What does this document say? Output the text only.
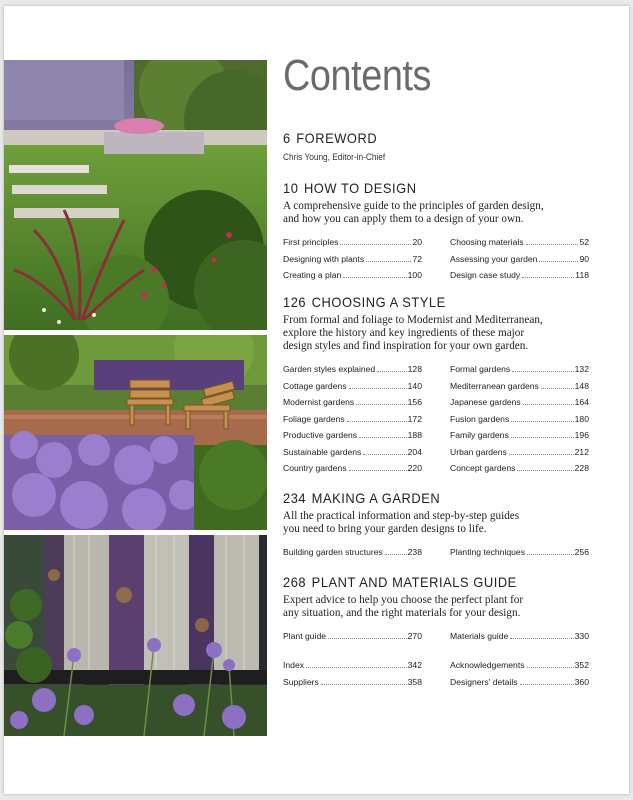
Contents
6 FOREWORD
Chris Young, Editor-in-Chief
10 HOW TO DESIGN
A comprehensive guide to the principles of garden design,
and how you can apply them to a design of your own.
First principles	20
Designing with plants	72
Creating a plan	100
Choosing materials	52
Assessing your garden	90
Design case study	118
126 CHOOSING A STYLE
From formal and foliage to Modernist and Mediterranean,
explore the history and key ingredients of these major
design styles and find inspiration for your own garden.
Garden styles explained	128
Cottage gardens	140
Modernist gardens	156
Foliage gardens	172
Productive gardens	188
Sustainable gardens	204
Country gardens	220
Formal gardens	132
Mediterranean gardens	148
Japanese gardens	164
Fusion gardens	180
Family gardens	196
Urban gardens	212
Concept gardens	228
234 MAKING A GARDEN
All the practical information and step-by-step guides
you need to bring your garden designs to life.
Building garden structures	238	Planting techniques	256
268 PLANT AND MATERIALS GUIDE
Expert advice to help you choose the perfect plant for
any situation, and the right materials for your design.
Plant guide	270	Materials guide	330
Index	342
Suppliers	358
Acknowledgements	352
Designers' details	360
